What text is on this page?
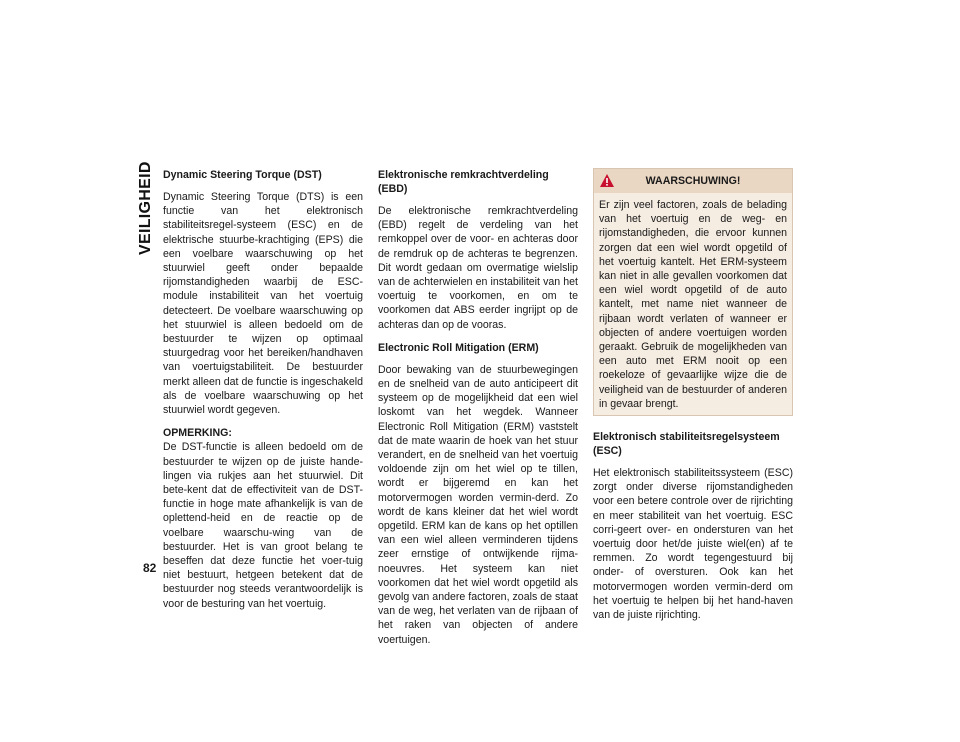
VEILIGHEID
82
Dynamic Steering Torque (DST)

Dynamic Steering Torque (DTS) is een functie van het elektronisch stabiliteitsregel-systeem (ESC) en de elektrische stuurbe-krachtiging (EPS) die een voelbare waarschuwing op het stuurwiel geeft onder bepaalde rijomstandigheden waarbij de ESC-module instabiliteit van het voertuig detecteert. De voelbare waarschuwing op het stuurwiel is alleen bedoeld om de bestuurder te wijzen op optimaal stuurgedrag voor het bereiken/handhaven van voertuigstabiliteit. De bestuurder merkt alleen dat de functie is ingeschakeld als de voelbare waarschuwing op het stuurwiel wordt gegeven.

OPMERKING:
De DST-functie is alleen bedoeld om de bestuurder te wijzen op de juiste hande-lingen via rukjes aan het stuurwiel. Dit bete-kent dat de effectiviteit van de DST-functie in hoge mate afhankelijk is van de oplettend-heid en de reactie op de voelbare waarschu-wing van de bestuurder. Het is van groot belang te beseffen dat deze functie het voer-tuig niet bestuurt, hetgeen betekent dat de bestuurder nog steeds verantwoordelijk is voor de besturing van het voertuig.

Elektronische remkrachtverdeling (EBD)

De elektronische remkrachtverdeling (EBD) regelt de verdeling van het remkoppel over de voor- en achteras door de remdruk op de achteras te begrenzen. Dit wordt gedaan om overmatige wielslip van de achterwielen en instabiliteit van het voertuig te voorkomen, en om te voorkomen dat ABS eerder ingrijpt op de achteras dan op de vooras.

Electronic Roll Mitigation (ERM)

Door bewaking van de stuurbewegingen en de snelheid van de auto anticipeert dit systeem op de mogelijkheid dat een wiel loskomt van het wegdek. Wanneer Electronic Roll Mitigation (ERM) vaststelt dat de mate waarin de hoek van het stuur verandert, en de snelheid van het voertuig voldoende zijn om het wiel op te tillen, wordt er bijgeremd en kan het motorvermogen worden vermin-derd. Zo wordt de kans kleiner dat het wiel wordt opgetild. ERM kan de kans op het optillen van een wiel alleen verminderen tijdens zeer ernstige of ontwijkende rijma-noeuvres. Het systeem kan niet voorkomen dat het wiel wordt opgetild als gevolg van andere factoren, zoals de staat van de weg, het verlaten van de rijbaan of het raken van objecten of andere voertuigen.

WAARSCHUWING!
Er zijn veel factoren, zoals de belading van het voertuig en de weg- en rijomstandigheden, die ervoor kunnen zorgen dat een wiel wordt opgetild of het voertuig kantelt. Het ERM-systeem kan niet in alle gevallen voorkomen dat een wiel wordt opgetild of de auto kantelt, met name niet wanneer de rijbaan wordt verlaten of wanneer er objecten of andere voertuigen worden geraakt. Gebruik de mogelijkheden van een auto met ERM nooit op een roekeloze of gevaarlijke wijze die de veiligheid van de bestuurder of anderen in gevaar brengt.
Elektronisch stabiliteitsregelsysteem (ESC)

Het elektronisch stabiliteitssysteem (ESC) zorgt onder diverse rijomstandigheden voor een betere controle over de rijrichting en meer stabiliteit van het voertuig. ESC corri-geert over- en ondersturen van het voertuig door het/de juiste wiel(en) af te remmen. Zo wordt tegengestuurd bij onder- of oversturen. Ook kan het motorvermogen worden vermin-derd om het voertuig te helpen bij het hand-haven van de juiste rijrichting.
